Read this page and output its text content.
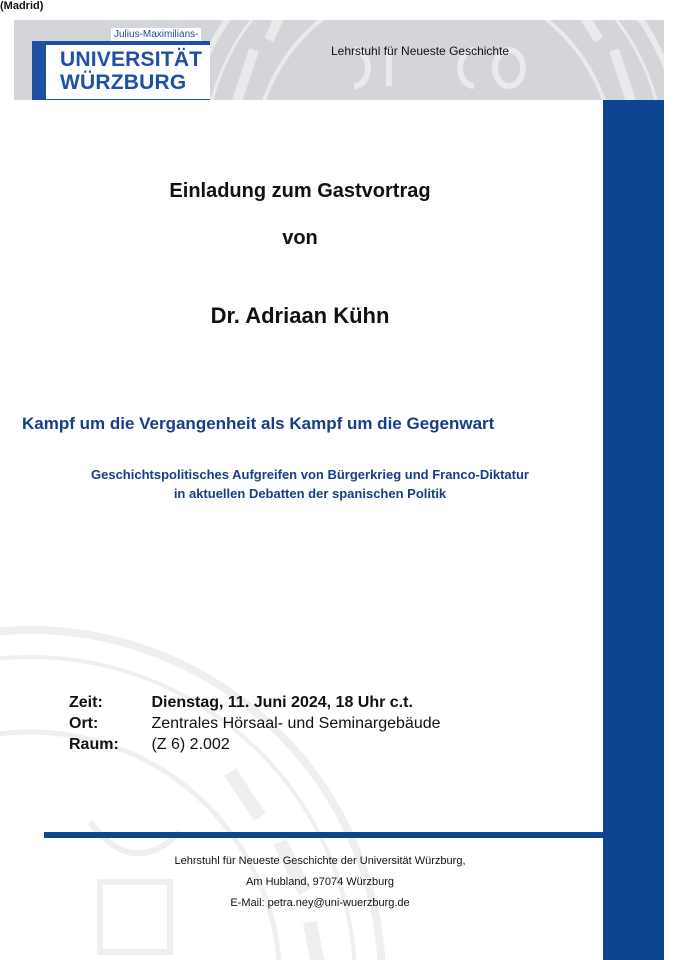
Julius-Maximilians-
UNIVERSITÄT
WÜRZBURG
Lehrstuhl für Neueste Geschichte
Einladung zum Gastvortrag
von
Dr. Adriaan Kühn
(Madrid)
Kampf um die Vergangenheit als Kampf um die Gegenwart
Geschichtspolitisches Aufgreifen von Bürgerkrieg und Franco-Diktatur
in aktuellen Debatten der spanischen Politik
Zeit:	Dienstag, 11. Juni 2024, 18 Uhr c.t.
Ort:	Zentrales Hörsaal- und Seminargebäude
Raum: (Z 6) 2.002
Lehrstuhl für Neueste Geschichte der Universität Würzburg,
Am Hubland, 97074 Würzburg
E-Mail: petra.ney@uni-wuerzburg.de
